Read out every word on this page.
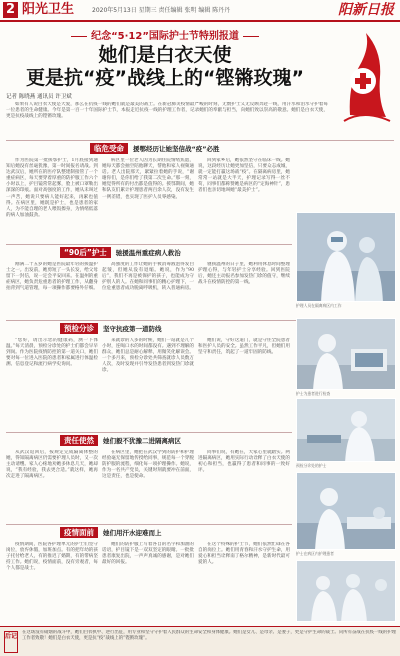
2 阳光卫生	2020年5月13日 星期三 责任编辑 张明 编辑 陈丹丹	阳新日报
纪念“5·12”国际护士节特别报道
她们是白衣天使
更是抗“疫”战线上的“铿锵玫瑰”
记者 陈晓燕 通讯员 许卫斌
如果有人说白衣天使是大爱，那么在抗疫一线的她们就是最美的战士。在新冠肺炎疫情最严峻的时刻，无数护士义无反顾奔赴一线，用汗水和泪水守护着每一位患者的生命健康。今年是第一百一十年国际护士节，本报走近抗疫一线的护理工作者，记录她们的奉献与担当，向她们致以崇高的敬意。她们是白衣天使，更是抗疫战线上的铿锵玫瑰。
临危受命	援鄂经历让她坚信战“疫”必胜
作为医院第一批援鄂护士，1月底接到通知后她没有丝毫犹豫，第一时间报名请战。到达武汉后，她所在的医疗队整建制接管了一个重症病区，每天要穿着厚重的防护服工作六个小时以上，护目镜常常起雾，脸上被口罩勒出深深的印痕。面对高强度的工作，她从未叫过一声苦，她说只要病人能好起来，再累也值得。在病区里，她既是护士，也是患者的家人，为不能自理的老人喂饭擦身，为情绪低落的病人加油鼓劲。
病区里一位老人因为长期住院情绪焦虑，她每天都会抽空陪他聊天，帮他和家人视频通话。老人出院那天，紧紧拉着她的手说，“谢谢你们，是你们给了我第二次生命。”那一刻，她觉得所有的付出都是值得的。援鄂期间，她和队友们累计护理患者两百余人次，没有发生一例差错，也实现了医护人员零感染。
回到家乡后，她依然坚守在临床一线。她说，这段经历让她更加坚信，只要众志成城，就一定能打赢这场战“疫”。在隔离病房里，她常常一站就是大半天，护理记录写得一丝不苟，同事们都称赞她是病区的“定海神针”，患者们也亲切地叫她“最美护士”。
护理人员在隔离病区内工作
“90后”护士	驰援温州重症病人救治
刚满二十五岁的她是医院最年轻的援温护士之一。出发前，她剪短了一头长发，给父母留下一封信，说一定会平安回来。在温州的重症病区，她负责危重患者的护理工作，从翻身拍背到气道管理，每一项操作都要格外仔细。
高强度的工作让她的手被消毒液泡得发白起皱，但她从没有退缩。她说，作为“90后”，我们不再是被保护的孩子，也能成为守护别人的人。在她和同事们的精心护理下，一位危重患者成功脱离呼吸机，转入普通病房。
驰援温州的日子里，她利用休息时间整理护理心得，与年轻护士分享经验。回到医院后，她还主动报名参加发热门诊的值守，继续战斗在疫情防控的第一线。
预检分诊	坚守抗疫第一道防线
“您好，请出示您的健康码，测一下体温。”每天清晨，预检分诊处的护士们都会早早到岗。作为医院疫情防控的第一道关口，她们要对每一位进入医院的患者和家属进行体温检测、信息登记和流行病学史询问。
来就诊的人多的时候，她们一站就是几个小时，连喝口水的时间都没有。遇到不理解的群众，她们总是耐心解释，用微笑化解误会。一个多月来，预检分诊处共筛查就诊人员数万人次，及时发现并引导发热患者到发热门诊就诊。
她们说，守好这道门，就是守住全院患者和医护人员的安全。虽然工作平凡，但她们用坚守和责任，筑起了一道牢固的防线。
护士为患者进行检查
责任使然	她们毅不犹豫二进隔离病区
从武汉返回后，按规定完成隔离休整的她，得知隔离病区仍需要护理人员时，又一次主动请缨。家人心疼地劝她多休息几天，她却说，“我有经验，我去更合适。”就这样，她再次走进了隔离病区。
在病区里，她把在武汉学到的防护和护理经验毫无保留地传授给同事，规范每一个穿脱防护服的流程，细化每一项护理操作。她说，作为一名共产党员，关键时刻就要冲在前面，这是责任，也是使命。
同事们说，有她在，大家心里就踏实。两进隔离病区，她用实际行动诠释了白衣天使的初心和担当，也赢得了患者和同事的一致好评。
预检分诊处的护士
护士在病区内护理患者
疫情面前	她们用汗水迎难而上
疫情期间，医院各护理单元的护士们坚守岗位，放弃休假，加班加点。有的把年幼的孩子托付给老人，有的推迟了婚期，有的带病坚持工作。她们说，疫情面前，没有旁观者，每个人都是战士。
她们的防护服上写着各自的名字和加油的话语，护目镜下是一双双坚定的眼睛。一批批患者康复出院，一声声真诚的感谢，是对她们最好的回报。
在这个特殊的护士节，她们依然忙碌在各自的岗位上。她们用青春和汗水守护生命，用爱心和担当诠释南丁格尔精神，是新时代最可爱的人。
后记
在这场没有硝烟的战斗中，她们白衣执甲、逆行出征，用专业和坚守守护着人民群众的生命安全和身体健康。她们是女儿、是母亲、是妻子，更是守护生命的战士。向所有奋战在抗疫一线的护理工作者致敬！她们是白衣天使，更是抗“疫”战线上的“铿锵玫瑰”。
